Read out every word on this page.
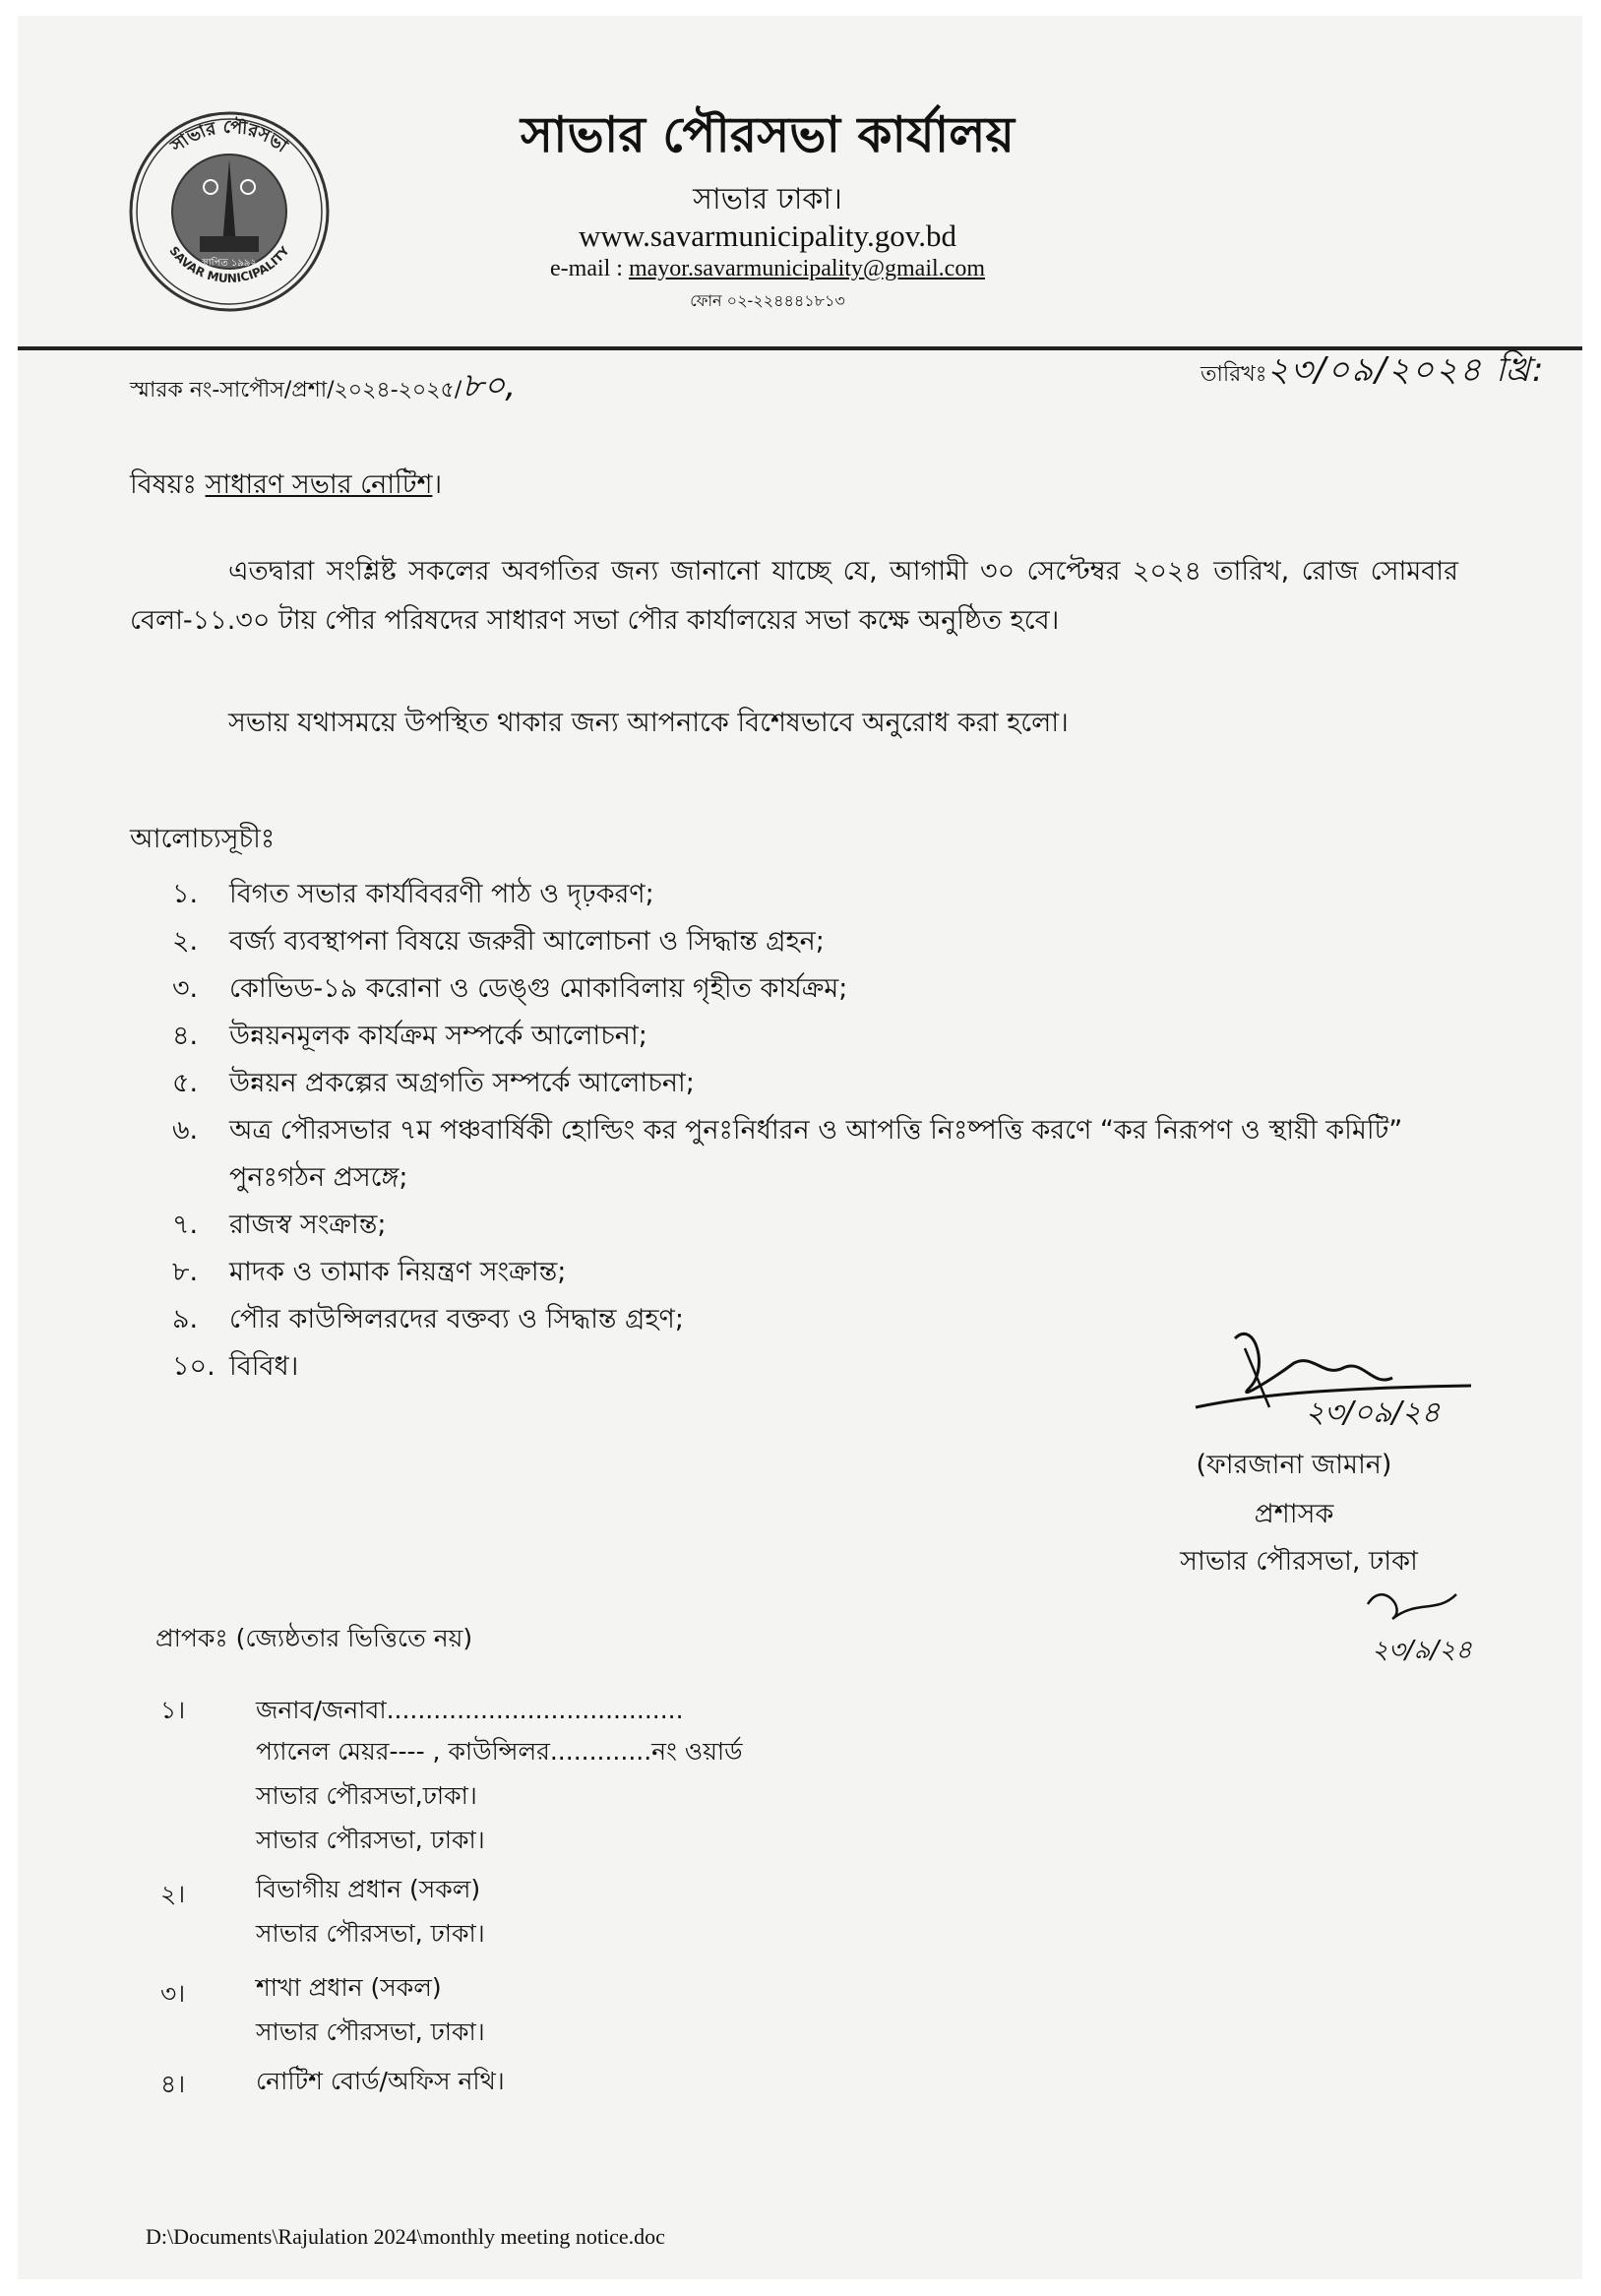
সাভার পৌরসভা
SAVAR MUNICIPALITY
স্থাপিত ১৯৯২
সাভার পৌরসভা কার্যালয়
সাভার ঢাকা।
www.savarmunicipality.gov.bd
e-mail : mayor.savarmunicipality@gmail.com
ফোন ০২-২২৪৪৪১৮১৩
স্মারক নং-সাপৌস/প্রশা/২০২৪-২০২৫/৮০,	তারিখঃ২৩/০৯/২০২৪ খ্রি:
বিষয়ঃ সাধারণ সভার নোটিশ।
এতদ্বারা সংশ্লিষ্ট সকলের অবগতির জন্য জানানো যাচ্ছে যে, আগামী ৩০ সেপ্টেম্বর ২০২৪ তারিখ, রোজ সোমবার বেলা-১১.৩০ টায় পৌর পরিষদের সাধারণ সভা পৌর কার্যালয়ের সভা কক্ষে অনুষ্ঠিত হবে।
সভায় যথাসময়ে উপস্থিত থাকার জন্য আপনাকে বিশেষভাবে অনুরোধ করা হলো।
আলোচ্যসূচীঃ
১.	বিগত সভার কার্যবিবরণী পাঠ ও দৃঢ়করণ;
২.	বর্জ্য ব্যবস্থাপনা বিষয়ে জরুরী আলোচনা ও সিদ্ধান্ত গ্রহন;
৩.	কোভিড-১৯ করোনা ও ডেঙ্গু মোকাবিলায় গৃহীত কার্যক্রম;
৪.	উন্নয়নমূলক কার্যক্রম সম্পর্কে আলোচনা;
৫.	উন্নয়ন প্রকল্পের অগ্রগতি সম্পর্কে আলোচনা;
৬.	অত্র পৌরসভার ৭ম পঞ্চবার্ষিকী হোল্ডিং কর পুনঃনির্ধারন ও আপত্তি নিঃষ্পত্তি করণে “কর নিরূপণ ও স্থায়ী কমিটি” পুনঃগঠন প্রসঙ্গে;
৭.	রাজস্ব সংক্রান্ত;
৮.	মাদক ও তামাক নিয়ন্ত্রণ সংক্রান্ত;
৯.	পৌর কাউন্সিলরদের বক্তব্য ও সিদ্ধান্ত গ্রহণ;
১০. বিবিধ।
২৩/০৯/২৪
(ফারজানা জামান)
প্রশাসক
সাভার পৌরসভা, ঢাকা
২৩/৯/২৪
প্রাপকঃ (জ্যেষ্ঠতার ভিত্তিতে নয়)
১।	জনাব/জনাবা......................................
প্যানেল মেয়র---- , কাউন্সিলর.............নং ওয়ার্ড
সাভার পৌরসভা,ঢাকা।
সাভার পৌরসভা, ঢাকা।
২।	বিভাগীয় প্রধান (সকল)
সাভার পৌরসভা, ঢাকা।
৩।	শাখা প্রধান (সকল)
সাভার পৌরসভা, ঢাকা।
৪।	নোটিশ বোর্ড/অফিস নথি।
D:\Documents\Rajulation 2024\monthly meeting notice.doc
